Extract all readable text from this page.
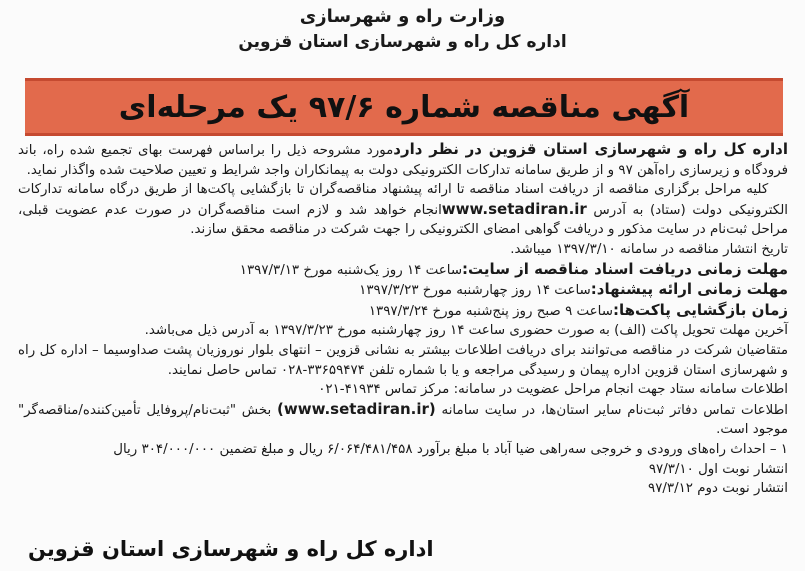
وزارت راه و شهرسازی
اداره کل راه و شهرسازی استان قزوین
آگهی مناقصه شماره ۹۷/۶ یک مرحله‌ای

اداره کل راه و شهرسازی استان قزوین در نظر داردمورد مشروحه ذیل را براساس فهرست بهای تجمیع شده راه، باند فرودگاه و زیرسازی راه‌آهن ۹۷ و از طریق سامانه تدارکات الکترونیکی دولت به پیمانکاران واجد شرایط و تعیین صلاحیت شده واگذار نماید.

کلیه مراحل برگزاری مناقصه از دریافت اسناد مناقصه تا ارائه پیشنهاد مناقصه‌گران تا بازگشایی پاکت‌ها از طریق درگاه سامانه تدارکات الکترونیکی دولت (ستاد) به آدرس www.setadiran.irانجام خواهد شد و لازم است مناقصه‌گران در صورت عدم عضویت قبلی، مراحل ثبت‌نام در سایت مذکور و دریافت گواهی امضای الکترونیکی را جهت شرکت در مناقصه محقق سازند.

تاریخ انتشار مناقصه در سامانه ۱۳۹۷/۳/۱۰ میباشد.

مهلت زمانی دریافت اسناد مناقصه از سایت:ساعت ۱۴ روز یک‌شنبه مورخ ۱۳۹۷/۳/۱۳

مهلت زمانی ارائه پیشنهاد:ساعت ۱۴ روز چهارشنبه مورخ ۱۳۹۷/۳/۲۳

زمان بازگشایی پاکت‌ها:ساعت ۹ صبح روز پنج‌شنبه مورخ ۱۳۹۷/۳/۲۴

آخرین مهلت تحویل پاکت (الف) به صورت حضوری ساعت ۱۴ روز چهارشنبه مورخ ۱۳۹۷/۳/۲۳ به آدرس ذیل می‌باشد.

متقاضیان شرکت در مناقصه می‌توانند برای دریافت اطلاعات بیشتر به نشانی قزوین – انتهای بلوار نوروزیان پشت صداوسیما – اداره کل راه و شهرسازی استان قزوین اداره پیمان و رسیدگی مراجعه و یا با شماره تلفن ۳۳۶۵۹۴۷۴-۰۲۸ تماس حاصل نمایند.

اطلاعات سامانه ستاد جهت انجام مراحل عضویت در سامانه: مرکز تماس ۴۱۹۳۴-۰۲۱

اطلاعات تماس دفاتر ثبت‌نام سایر استان‌ها، در سایت سامانه (www.setadiran.ir) بخش "ثبت‌نام/پروفایل تأمین‌کننده/مناقصه‌گر" موجود است.

۱ – احداث راه‌های ورودی و خروجی سه‌راهی ضیا آباد با مبلغ برآورد ۶/۰۶۴/۴۸۱/۴۵۸ ریال و مبلغ تضمین ۳۰۴/۰۰۰/۰۰۰ ریال

انتشار نوبت اول ۹۷/۳/۱۰

انتشار نوبت دوم ۹۷/۳/۱۲

اداره کل راه و شهرسازی استان قزوین
